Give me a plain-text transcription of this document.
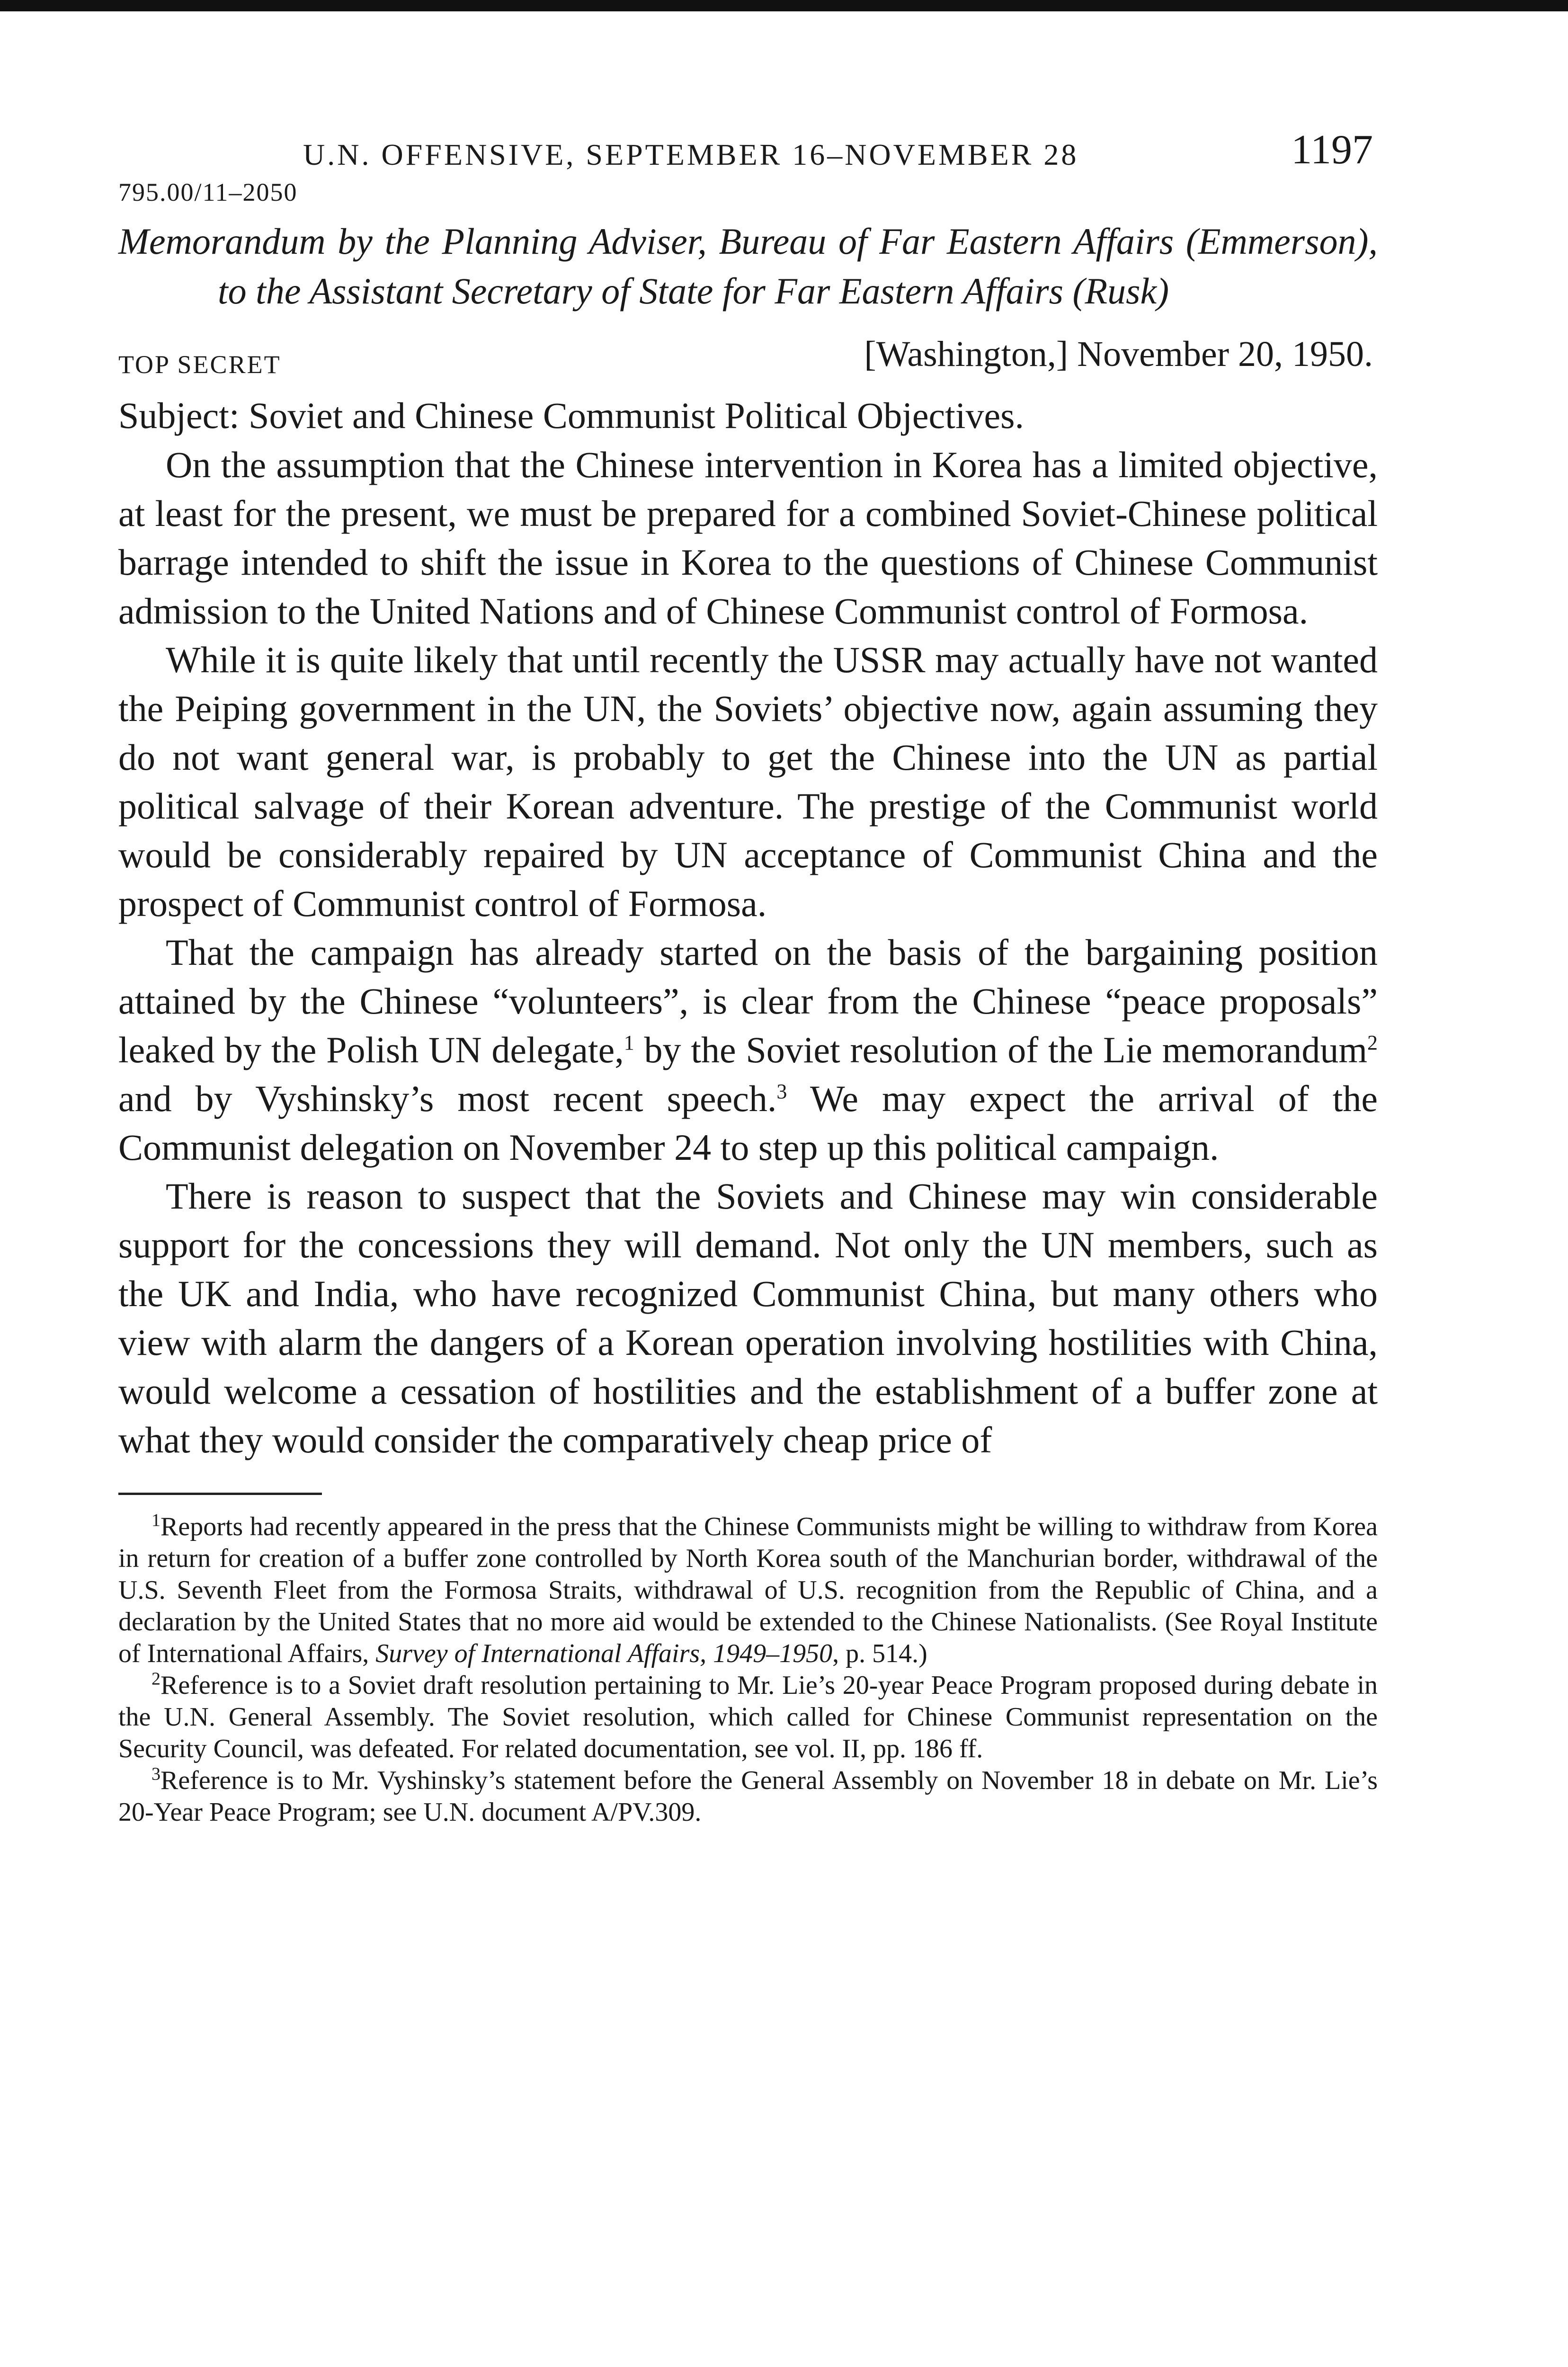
U.N. OFFENSIVE, SEPTEMBER 16–NOVEMBER 28	1197
795.00/11–2050
Memorandum by the Planning Adviser, Bureau of Far Eastern Affairs (Emmerson), to the Assistant Secretary of State for Far Eastern Affairs (Rusk)
TOP SECRET	[Washington,] November 20, 1950.
Subject: Soviet and Chinese Communist Political Objectives.

On the assumption that the Chinese intervention in Korea has a limited objective, at least for the present, we must be prepared for a combined Soviet-Chinese political barrage intended to shift the issue in Korea to the questions of Chinese Communist admission to the United Nations and of Chinese Communist control of Formosa.

While it is quite likely that until recently the USSR may actually have not wanted the Peiping government in the UN, the Soviets’ objective now, again assuming they do not want general war, is probably to get the Chinese into the UN as partial political salvage of their Korean adventure. The prestige of the Communist world would be considerably repaired by UN acceptance of Communist China and the prospect of Communist control of Formosa.

That the campaign has already started on the basis of the bargaining position attained by the Chinese “volunteers”, is clear from the Chinese “peace proposals” leaked by the Polish UN delegate,$^1$ by the Soviet resolution of the Lie memorandum$^2$ and by Vyshinsky’s most recent speech.$^3$ We may expect the arrival of the Communist delegation on November 24 to step up this political campaign.

There is reason to suspect that the Soviets and Chinese may win considerable support for the concessions they will demand. Not only the UN members, such as the UK and India, who have recognized Communist China, but many others who view with alarm the dangers of a Korean operation involving hostilities with China, would welcome a cessation of hostilities and the establishment of a buffer zone at what they would consider the comparatively cheap price of

$^1$Reports had recently appeared in the press that the Chinese Communists might be willing to withdraw from Korea in return for creation of a buffer zone controlled by North Korea south of the Manchurian border, withdrawal of the U.S. Seventh Fleet from the Formosa Straits, withdrawal of U.S. recognition from the Republic of China, and a declaration by the United States that no more aid would be extended to the Chinese Nationalists. (See Royal Institute of International Affairs, Survey of International Affairs, 1949–1950, p. 514.)

$^2$Reference is to a Soviet draft resolution pertaining to Mr. Lie’s 20-year Peace Program proposed during debate in the U.N. General Assembly. The Soviet resolution, which called for Chinese Communist representation on the Security Council, was defeated. For related documentation, see vol. II, pp. 186 ff.

$^3$Reference is to Mr. Vyshinsky’s statement before the General Assembly on November 18 in debate on Mr. Lie’s 20-Year Peace Program; see U.N. document A/PV.309.
